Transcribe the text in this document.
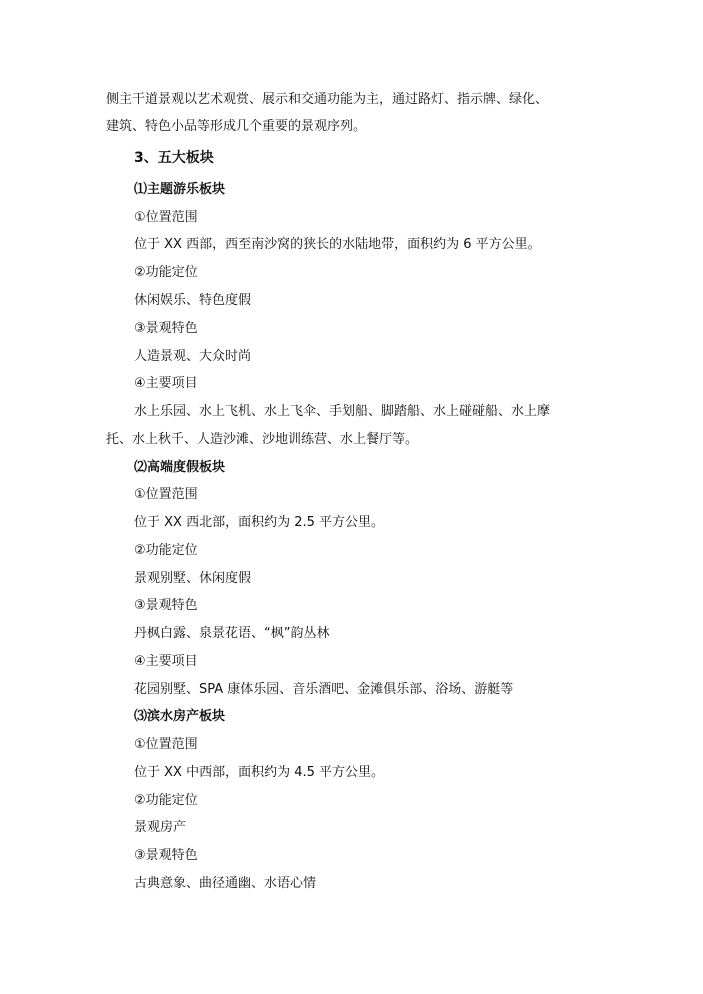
侧主干道景观以艺术观赏、展示和交通功能为主，通过路灯、指示牌、绿化、
建筑、特色小品等形成几个重要的景观序列。
3、五大板块
⑴主题游乐板块
①位置范围
位于 XX 西部，西至南沙窝的狭长的水陆地带，面积约为 6 平方公里。
②功能定位
休闲娱乐、特色度假
③景观特色
人造景观、大众时尚
④主要项目
水上乐园、水上飞机、水上飞伞、手划船、脚踏船、水上碰碰船、水上摩
托、水上秋千、人造沙滩、沙地训练营、水上餐厅等。
⑵高端度假板块
①位置范围
位于 XX 西北部，面积约为 2.5 平方公里。
②功能定位
景观别墅、休闲度假
③景观特色
丹枫白露、泉景花语、“枫”韵丛林
④主要项目
花园别墅、SPA 康体乐园、音乐酒吧、金滩俱乐部、浴场、游艇等
⑶滨水房产板块
①位置范围
位于 XX 中西部，面积约为 4.5 平方公里。
②功能定位
景观房产
③景观特色
古典意象、曲径通幽、水语心情
